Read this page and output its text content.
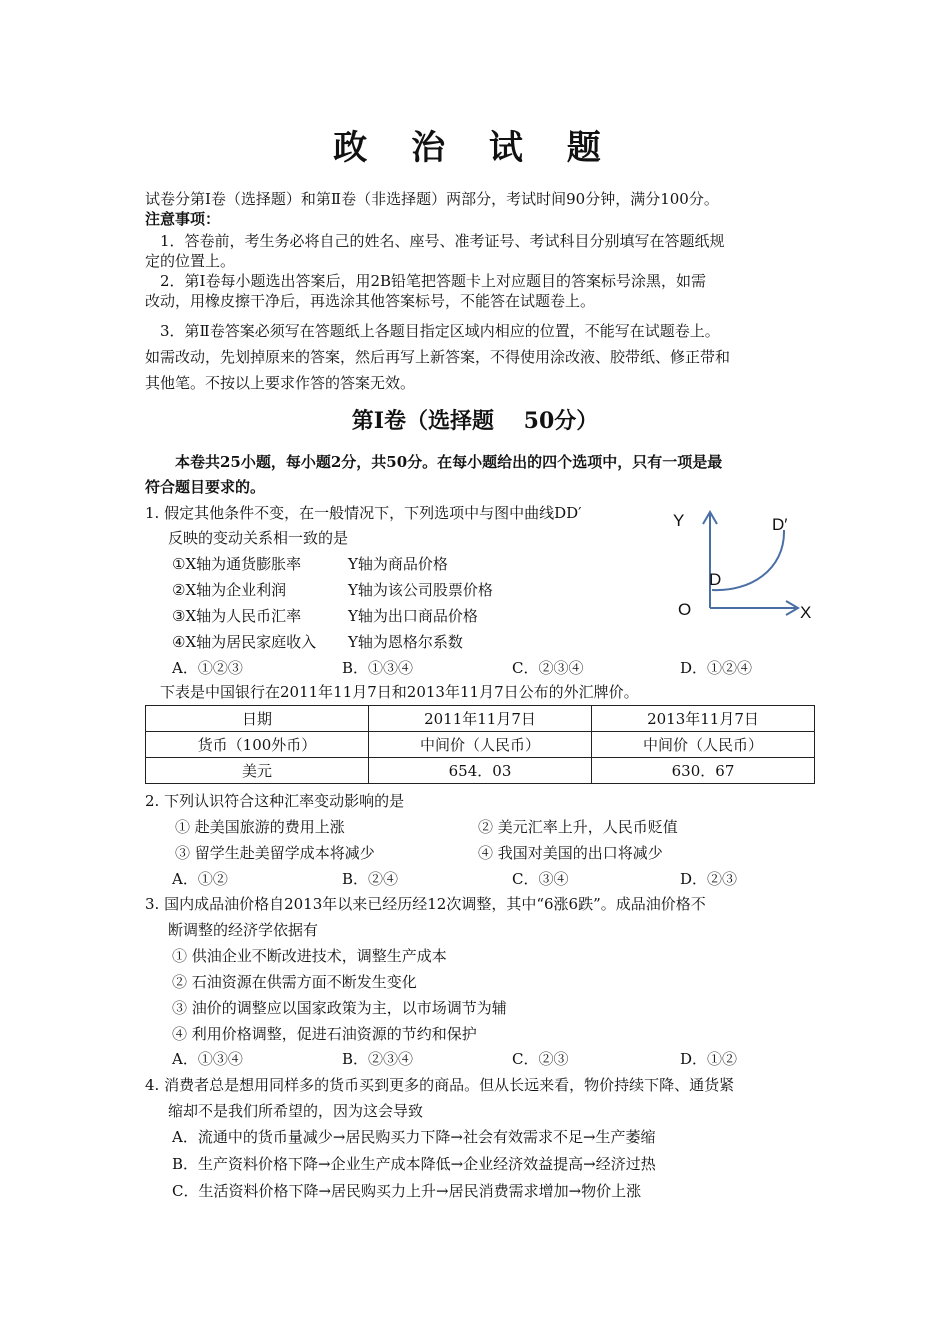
政 治 试 题
试卷分第Ⅰ卷（选择题）和第Ⅱ卷（非选择题）两部分，考试时间90分钟，满分100分。
注意事项：
　1．答卷前，考生务必将自己的姓名、座号、准考证号、考试科目分别填写在答题纸规
定的位置上。
　2．第Ⅰ卷每小题选出答案后，用2B铅笔把答题卡上对应题目的答案标号涂黑，如需
改动，用橡皮擦干净后，再选涂其他答案标号，不能答在试题卷上。
　3．第Ⅱ卷答案必须写在答题纸上各题目指定区域内相应的位置，不能写在试题卷上。
如需改动，先划掉原来的答案，然后再写上新答案，不得使用涂改液、胶带纸、修正带和
其他笔。不按以上要求作答的答案无效。
第Ⅰ卷（选择题　 50分）
本卷共25小题，每小题2分，共50分。在每小题给出的四个选项中，只有一项是最
符合题目要求的。
1. 假定其他条件不变，在一般情况下，下列选项中与图中曲线DD′
反映的变动关系相一致的是
①X轴为通货膨胀率	Y轴为商品价格
②X轴为企业利润	Y轴为该公司股票价格
③X轴为人民币汇率	Y轴为出口商品价格
④X轴为居民家庭收入 Y轴为恩格尔系数
A．①②③	B．①③④	C．②③④	D．①②④
Y
X
O
D
D′
下表是中国银行在2011年11月7日和2013年11月7日公布的外汇牌价。
日期	2011年11月7日	2013年11月7日
货币（100外币）	中间价（人民币）	中间价（人民币）
美元	654．03	630．67
2. 下列认识符合这种汇率变动影响的是
① 赴美国旅游的费用上涨	② 美元汇率上升，人民币贬值
③ 留学生赴美留学成本将减少	④ 我国对美国的出口将减少
A．①②	B．②④	C．③④	D．②③
3. 国内成品油价格自2013年以来已经历经12次调整，其中“6涨6跌”。成品油价格不
断调整的经济学依据有
① 供油企业不断改进技术，调整生产成本
② 石油资源在供需方面不断发生变化
③ 油价的调整应以国家政策为主，以市场调节为辅
④ 利用价格调整，促进石油资源的节约和保护
A．①③④	B．②③④	C．②③	D．①②
4. 消费者总是想用同样多的货币买到更多的商品。但从长远来看，物价持续下降、通货紧
缩却不是我们所希望的，因为这会导致
A．流通中的货币量减少→居民购买力下降→社会有效需求不足→生产萎缩
B．生产资料价格下降→企业生产成本降低→企业经济效益提高→经济过热
C．生活资料价格下降→居民购买力上升→居民消费需求增加→物价上涨
